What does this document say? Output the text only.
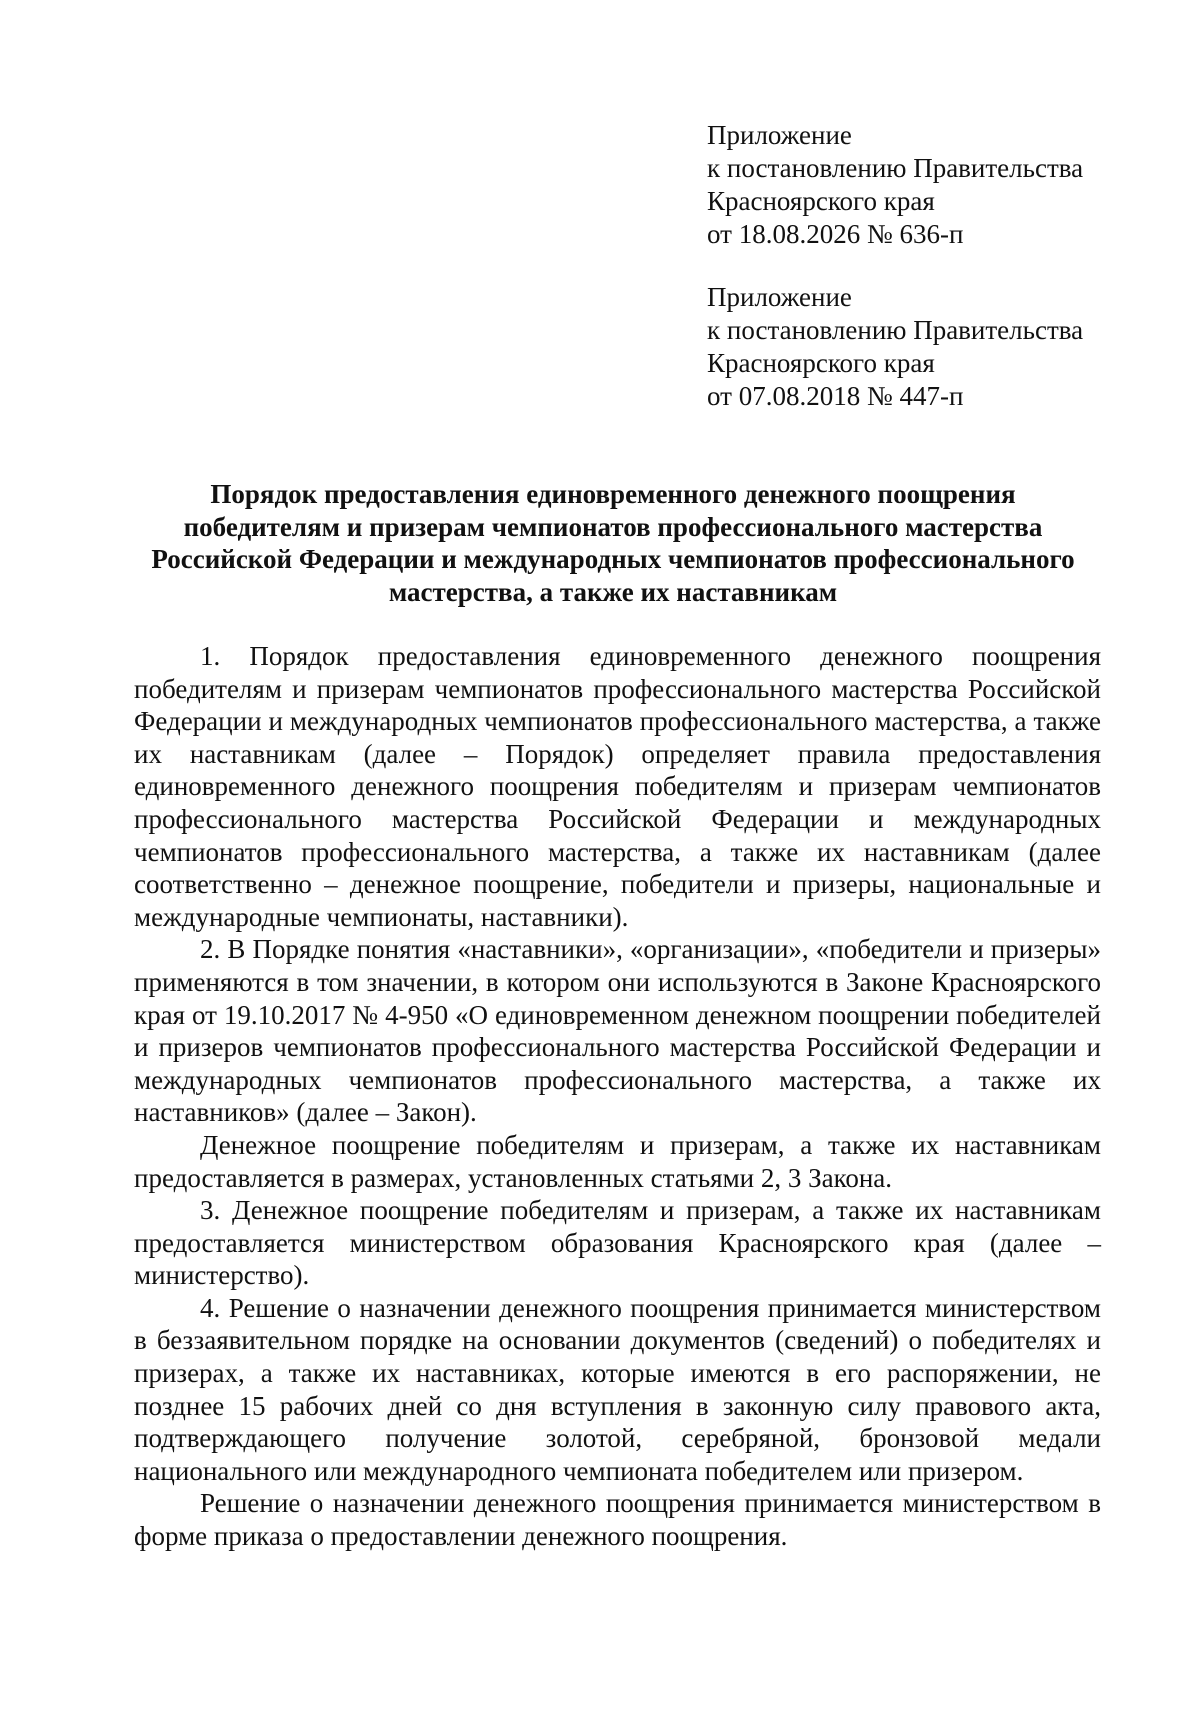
Приложение
к постановлению Правительства
Красноярского края
от 18.08.2026 № 636-п
Приложение
к постановлению Правительства
Красноярского края
от 07.08.2018 № 447-п
Порядок предоставления единовременного денежного поощрения
победителям и призерам чемпионатов профессионального мастерства
Российской Федерации и международных чемпионатов профессионального
мастерства, а также их наставникам

1. Порядок предоставления единовременного денежного поощрения победителям и призерам чемпионатов профессионального мастерства Российской Федерации и международных чемпионатов профессионального мастерства, а также их наставникам (далее – Порядок) определяет правила предоставления единовременного денежного поощрения победителям и призерам чемпионатов профессионального мастерства Российской Федерации и международных чемпионатов профессионального мастерства, а также их наставникам (далее соответственно – денежное поощрение, победители и призеры, национальные и международные чемпионаты, наставники).

2. В Порядке понятия «наставники», «организации», «победители и призеры» применяются в том значении, в котором они используются в Законе Красноярского края от 19.10.2017 № 4-950 «О единовременном денежном поощрении победителей и призеров чемпионатов профессионального мастерства Российской Федерации и международных чемпионатов профессионального мастерства, а также их наставников» (далее – Закон).

Денежное поощрение победителям и призерам, а также их наставникам предоставляется в размерах, установленных статьями 2, 3 Закона.

3. Денежное поощрение победителям и призерам, а также их наставникам предоставляется министерством образования Красноярского края (далее – министерство).

4. Решение о назначении денежного поощрения принимается министерством в беззаявительном порядке на основании документов (сведений) о победителях и призерах, а также их наставниках, которые имеются в его распоряжении, не позднее 15 рабочих дней со дня вступления в законную силу правового акта, подтверждающего получение золотой, серебряной, бронзовой медали национального или международного чемпионата победителем или призером.

Решение о назначении денежного поощрения принимается министерством в форме приказа о предоставлении денежного поощрения.
